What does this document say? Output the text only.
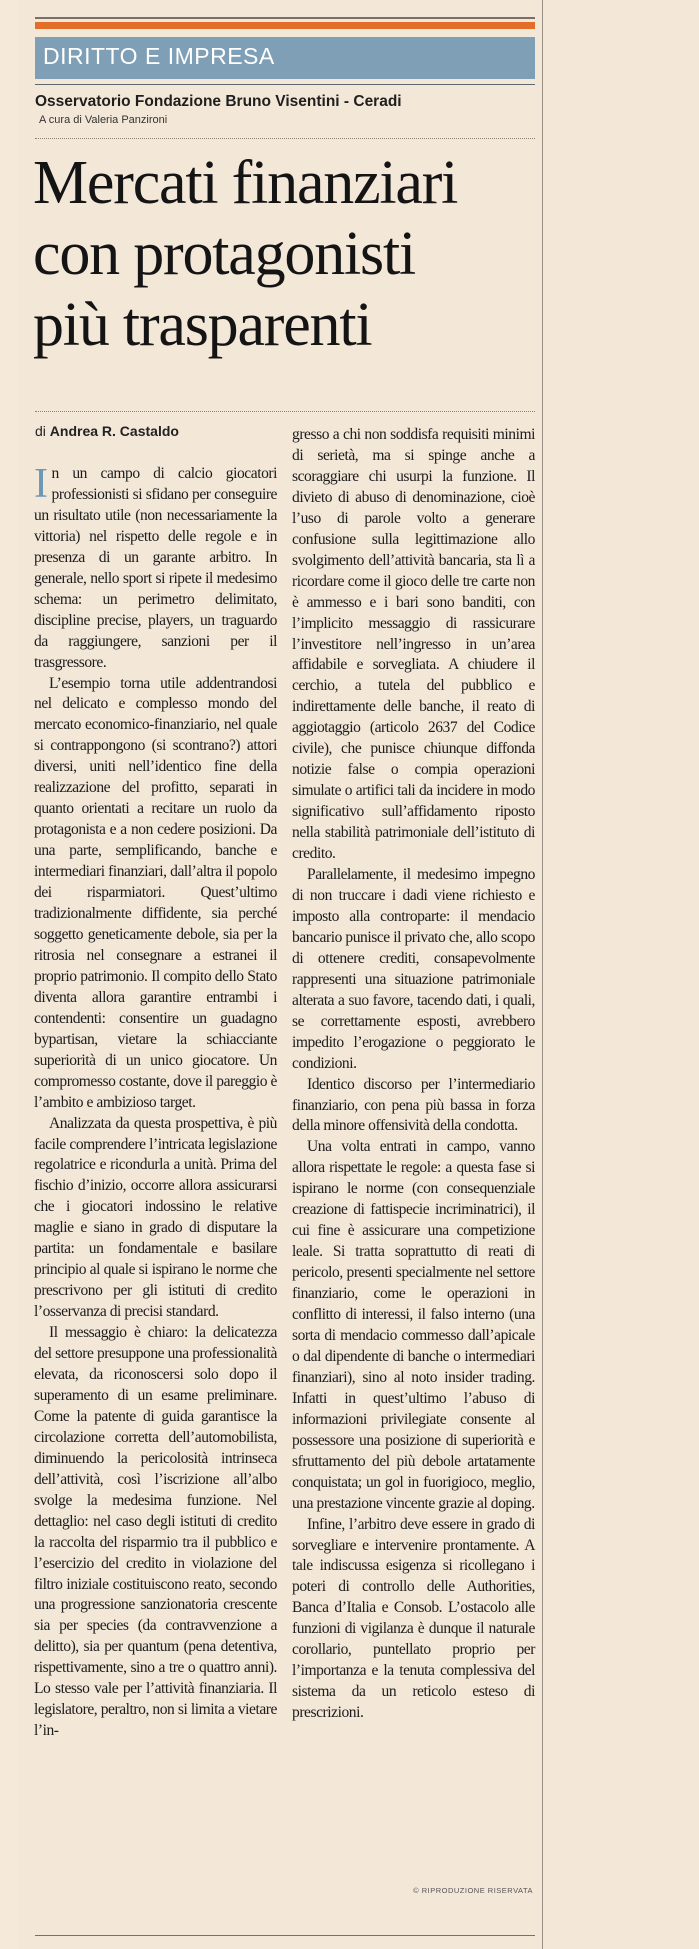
DIRITTO E IMPRESA
Osservatorio Fondazione Bruno Visentini - Ceradi
A cura di Valeria Panzironi
Mercati finanziari
con protagonisti
più trasparenti
di Andrea R. Castaldo

In un campo di calcio giocatori professionisti si sfidano per conseguire un risultato utile (non necessariamente la vittoria) nel rispetto delle regole e in presenza di un garante arbitro. In generale, nello sport si ripete il medesimo schema: un perimetro delimitato, discipline precise, players, un traguardo da raggiungere, sanzioni per il trasgressore.

L’esempio torna utile addentrandosi nel delicato e complesso mondo del mercato economico-finanziario, nel quale si contrappongono (si scontrano?) attori diversi, uniti nell’identico fine della realizzazione del profitto, separati in quanto orientati a recitare un ruolo da protagonista e a non cedere posizioni. Da una parte, semplificando, banche e intermediari finanziari, dall’altra il popolo dei risparmiatori. Quest’ultimo tradizionalmente diffidente, sia perché soggetto geneticamente debole, sia per la ritrosia nel consegnare a estranei il proprio patrimonio. Il compito dello Stato diventa allora garantire entrambi i contendenti: consentire un guadagno bypartisan, vietare la schiacciante superiorità di un unico giocatore. Un compromesso costante, dove il pareggio è l’ambito e ambizioso target.

Analizzata da questa prospettiva, è più facile comprendere l’intricata legislazione regolatrice e ricondurla a unità. Prima del fischio d’inizio, occorre allora assicurarsi che i giocatori indossino le relative maglie e siano in grado di disputare la partita: un fondamentale e basilare principio al quale si ispirano le norme che prescrivono per gli istituti di credito l’osservanza di precisi standard.

Il messaggio è chiaro: la delicatezza del settore presuppone una professionalità elevata, da riconoscersi solo dopo il superamento di un esame preliminare. Come la patente di guida garantisce la circolazione corretta dell’automobilista, diminuendo la pericolosità intrinseca dell’attività, così l’iscrizione all’albo svolge la medesima funzione. Nel dettaglio: nel caso degli istituti di credito la raccolta del risparmio tra il pubblico e l’esercizio del credito in violazione del filtro iniziale costituiscono reato, secondo una progressione sanzionatoria crescente sia per species (da contravvenzione a delitto), sia per quantum (pena detentiva, rispettivamente, sino a tre o quattro anni). Lo stesso vale per l’attività finanziaria. Il legislatore, peraltro, non si limita a vietare l’in-

gresso a chi non soddisfa requisiti minimi di serietà, ma si spinge anche a scoraggiare chi usurpi la funzione. Il divieto di abuso di denominazione, cioè l’uso di parole volto a generare confusione sulla legittimazione allo svolgimento dell’attività bancaria, sta lì a ricordare come il gioco delle tre carte non è ammesso e i bari sono banditi, con l’implicito messaggio di rassicurare l’investitore nell’ingresso in un’area affidabile e sorvegliata. A chiudere il cerchio, a tutela del pubblico e indirettamente delle banche, il reato di aggiotaggio (articolo 2637 del Codice civile), che punisce chiunque diffonda notizie false o compia operazioni simulate o artifici tali da incidere in modo significativo sull’affidamento riposto nella stabilità patrimoniale dell’istituto di credito.

Parallelamente, il medesimo impegno di non truccare i dadi viene richiesto e imposto alla controparte: il mendacio bancario punisce il privato che, allo scopo di ottenere crediti, consapevolmente rappresenti una situazione patrimoniale alterata a suo favore, tacendo dati, i quali, se correttamente esposti, avrebbero impedito l’erogazione o peggiorato le condizioni.

Identico discorso per l’intermediario finanziario, con pena più bassa in forza della minore offensività della condotta.

Una volta entrati in campo, vanno allora rispettate le regole: a questa fase si ispirano le norme (con consequenziale creazione di fattispecie incriminatrici), il cui fine è assicurare una competizione leale. Si tratta soprattutto di reati di pericolo, presenti specialmente nel settore finanziario, come le operazioni in conflitto di interessi, il falso interno (una sorta di mendacio commesso dall’apicale o dal dipendente di banche o intermediari finanziari), sino al noto insider trading. Infatti in quest’ultimo l’abuso di informazioni privilegiate consente al possessore una posizione di superiorità e sfruttamento del più debole artatamente conquistata; un gol in fuorigioco, meglio, una prestazione vincente grazie al doping.

Infine, l’arbitro deve essere in grado di sorvegliare e intervenire prontamente. A tale indiscussa esigenza si ricollegano i poteri di controllo delle Authorities, Banca d’Italia e Consob. L’ostacolo alle funzioni di vigilanza è dunque il naturale corollario, puntellato proprio per l’importanza e la tenuta complessiva del sistema da un reticolo esteso di prescrizioni.

© RIPRODUZIONE RISERVATA
